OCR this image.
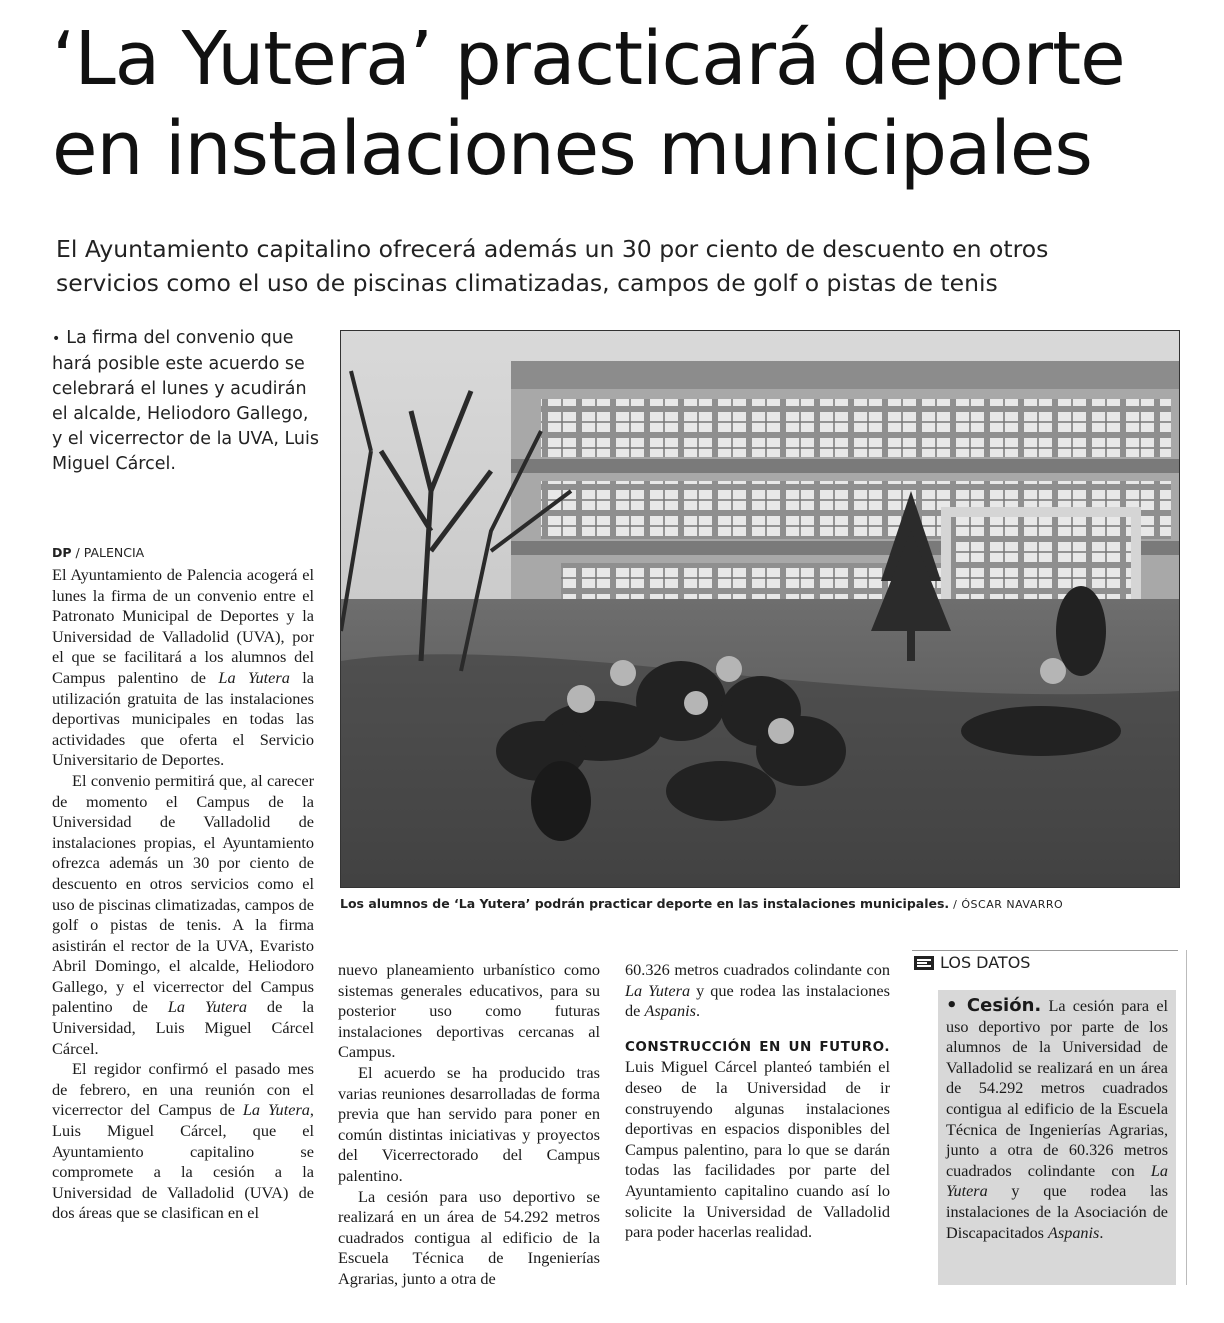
‘La Yutera’ practicará deporte
en instalaciones municipales
El Ayuntamiento capitalino ofrecerá además un 30 por ciento de descuento en otros
servicios como el uso de piscinas climatizadas, campos de golf o pistas de tenis
• La firma del convenio que hará posible este acuerdo se celebrará el lunes y acudirán el alcalde, Heliodoro Gallego, y el vicerrector de la UVA, Luis Miguel Cárcel.
DP / PALENCIA

El Ayuntamiento de Palencia acogerá el lunes la firma de un convenio entre el Patronato Municipal de Deportes y la Universidad de Valladolid (UVA), por el que se facilitará a los alumnos del Campus palentino de La Yutera la utilización gratuita de las instalaciones deportivas municipales en todas las actividades que oferta el Servicio Universitario de Deportes.

El convenio permitirá que, al carecer de momento el Campus de la Universidad de Valladolid de instalaciones propias, el Ayuntamiento ofrezca además un 30 por ciento de descuento en otros servicios como el uso de piscinas climatizadas, campos de golf o pistas de tenis. A la firma asistirán el rector de la UVA, Evaristo Abril Domingo, el alcalde, Heliodoro Gallego, y el vicerrector del Campus palentino de La Yutera de la Universidad, Luis Miguel Cárcel Cárcel.

El regidor confirmó el pasado mes de febrero, en una reunión con el vicerrector del Campus de La Yutera, Luis Miguel Cárcel, que el Ayuntamiento capitalino se compromete a la cesión a la Universidad de Valladolid (UVA) de dos áreas que se clasifican en el

Los alumnos de ‘La Yutera’ podrán practicar deporte en las instalaciones municipales. / ÓSCAR NAVARRO

nuevo planeamiento urbanístico como sistemas generales educativos, para su posterior uso como futuras instalaciones deportivas cercanas al Campus.

El acuerdo se ha producido tras varias reuniones desarrolladas de forma previa que han servido para poner en común distintas iniciativas y proyectos del Vicerrectorado del Campus palentino.

La cesión para uso deportivo se realizará en un área de 54.292 metros cuadrados contigua al edificio de la Escuela Técnica de Ingenierías Agrarias, junto a otra de

60.326 metros cuadrados colindante con La Yutera y que rodea las instalaciones de Aspanis.

CONSTRUCCIÓN EN UN FUTURO. Luis Miguel Cárcel planteó también el deseo de la Universidad de ir construyendo algunas instalaciones deportivas en espacios disponibles del Campus palentino, para lo que se darán todas las facilidades por parte del Ayuntamiento capitalino cuando así lo solicite la Universidad de Valladolid para poder hacerlas realidad.

LOS DATOS
• Cesión. La cesión para el uso deportivo por parte de los alumnos de la Universidad de Valladolid se realizará en un área de 54.292 metros cuadrados contigua al edificio de la Escuela Técnica de Ingenierías Agrarias, junto a otra de 60.326 metros cuadrados colindante con La Yutera y que rodea las instalaciones de la Asociación de Discapacitados Aspanis.
